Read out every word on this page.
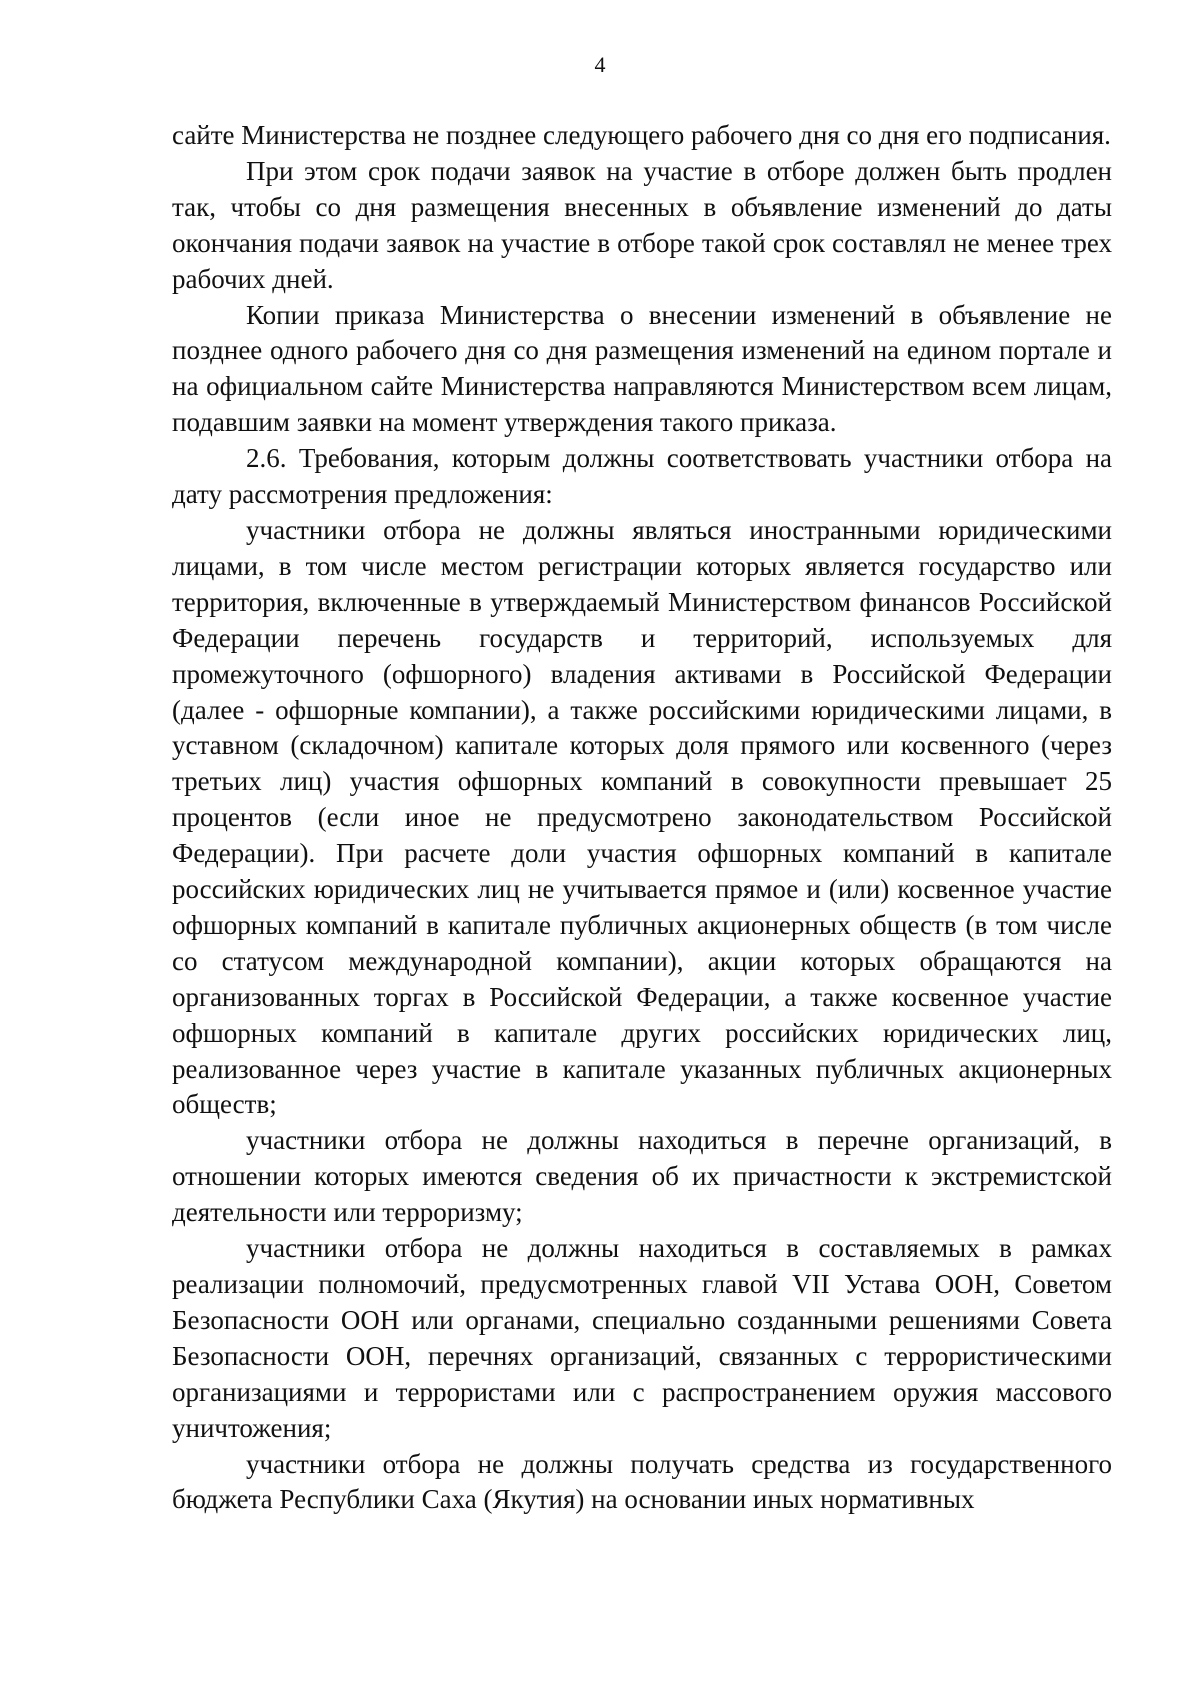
4

сайте Министерства не позднее следующего рабочего дня со дня его подписания.

При этом срок подачи заявок на участие в отборе должен быть продлен так, чтобы со дня размещения внесенных в объявление изменений до даты окончания подачи заявок на участие в отборе такой срок составлял не менее трех рабочих дней.

Копии приказа Министерства о внесении изменений в объявление не позднее одного рабочего дня со дня размещения изменений на едином портале и на официальном сайте Министерства направляются Министерством всем лицам, подавшим заявки на момент утверждения такого приказа.

2.6. Требования, которым должны соответствовать участники отбора на дату рассмотрения предложения:

участники отбора не должны являться иностранными юридическими лицами, в том числе местом регистрации которых является государство или территория, включенные в утверждаемый Министерством финансов Российской Федерации перечень государств и территорий, используемых для промежуточного (офшорного) владения активами в Российской Федерации (далее - офшорные компании), а также российскими юридическими лицами, в уставном (складочном) капитале которых доля прямого или косвенного (через третьих лиц) участия офшорных компаний в совокупности превышает 25 процентов (если иное не предусмотрено законодательством Российской Федерации). При расчете доли участия офшорных компаний в капитале российских юридических лиц не учитывается прямое и (или) косвенное участие офшорных компаний в капитале публичных акционерных обществ (в том числе со статусом международной компании), акции которых обращаются на организованных торгах в Российской Федерации, а также косвенное участие офшорных компаний в капитале других российских юридических лиц, реализованное через участие в капитале указанных публичных акционерных обществ;

участники отбора не должны находиться в перечне организаций, в отношении которых имеются сведения об их причастности к экстремистской деятельности или терроризму;

участники отбора не должны находиться в составляемых в рамках реализации полномочий, предусмотренных главой VII Устава ООН, Советом Безопасности ООН или органами, специально созданными решениями Совета Безопасности ООН, перечнях организаций, связанных с террористическими организациями и террористами или с распространением оружия массового уничтожения;

участники отбора не должны получать средства из государственного бюджета Республики Саха (Якутия) на основании иных нормативных
